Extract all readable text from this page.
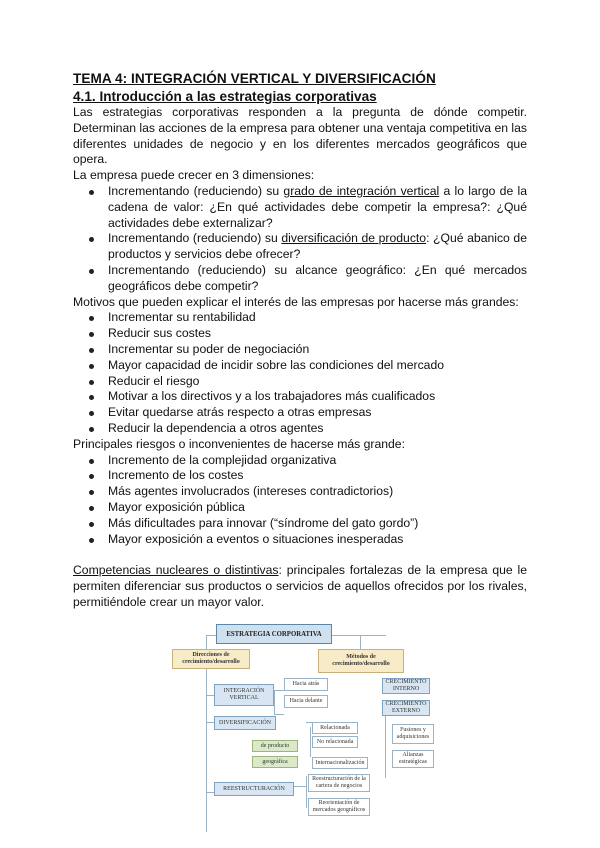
TEMA 4: INTEGRACIÓN VERTICAL Y DIVERSIFICACIÓN
4.1. Introducción a las estrategias corporativas

Las estrategias corporativas responden a la pregunta de dónde competir. Determinan las acciones de la empresa para obtener una ventaja competitiva en las diferentes unidades de negocio y en los diferentes mercados geográficos que opera.

La empresa puede crecer en 3 dimensiones:

Incrementando (reduciendo) su grado de integración vertical a lo largo de la cadena de valor: ¿En qué actividades debe competir la empresa?: ¿Qué actividades debe externalizar?
Incrementando (reduciendo) su diversificación de producto: ¿Qué abanico de productos y servicios debe ofrecer?
Incrementando (reduciendo) su alcance geográfico: ¿En qué mercados geográficos debe competir?

Motivos que pueden explicar el interés de las empresas por hacerse más grandes:

Incrementar su rentabilidad
Reducir sus costes
Incrementar su poder de negociación
Mayor capacidad de incidir sobre las condiciones del mercado
Reducir el riesgo
Motivar a los directivos y a los trabajadores más cualificados
Evitar quedarse atrás respecto a otras empresas
Reducir la dependencia a otros agentes

Principales riesgos o inconvenientes de hacerse más grande:

Incremento de la complejidad organizativa
Incremento de los costes
Más agentes involucrados (intereses contradictorios)
Mayor exposición pública
Más dificultades para innovar (“síndrome del gato gordo”)
Mayor exposición a eventos o situaciones inesperadas

Competencias nucleares o distintivas: principales fortalezas de la empresa que le permiten diferenciar sus productos o servicios de aquellos ofrecidos por los rivales, permitiéndole crear un mayor valor.

ESTRATEGIA CORPORATIVA
Direcciones de crecimiento/desarrollo
Métodos de crecimiento/desarrollo
INTEGRACIÓN VERTICAL
Hacia atrás
Hacia delante
DIVERSIFICACIÓN
de producto
geográfica
Relacionada
No relacionada
Internacionalización
REESTRUCTURACIÓN
Reestructuración de la cartera de negocios
Reorientación de mercados geográficos
CRECIMIENTO INTERNO
CRECIMIENTO EXTERNO
Fusiones y adquisiciones
Alianzas estratégicas
